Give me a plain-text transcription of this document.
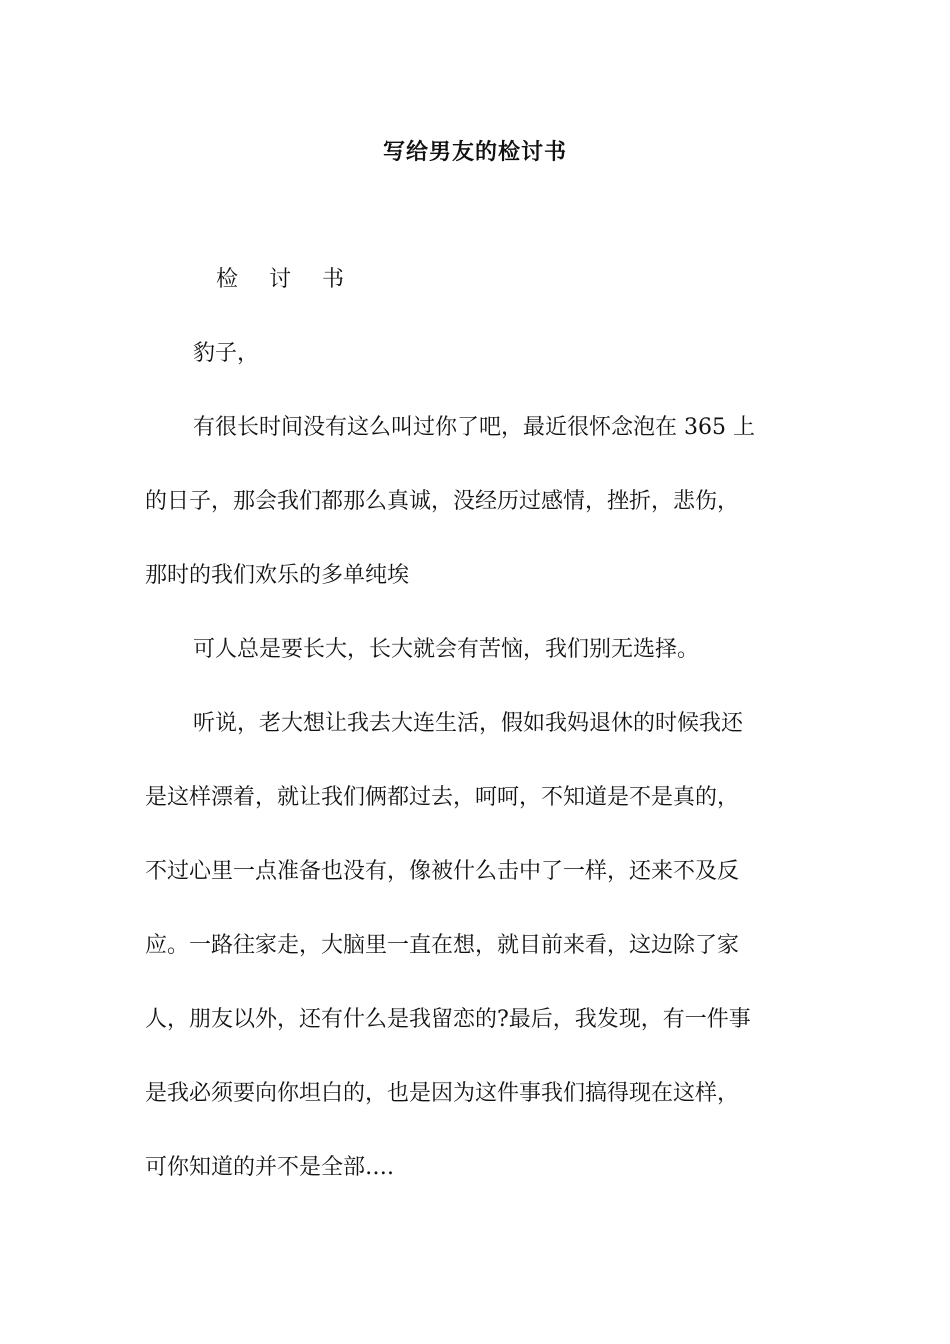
写给男友的检讨书
检 讨 书
豹子，
有很长时间没有这么叫过你了吧，最近很怀念泡在 365 上
的日子，那会我们都那么真诚，没经历过感情，挫折，悲伤，
那时的我们欢乐的多单纯埃
可人总是要长大，长大就会有苦恼，我们别无选择。
听说，老大想让我去大连生活，假如我妈退休的时候我还
是这样漂着，就让我们俩都过去，呵呵，不知道是不是真的，
不过心里一点准备也没有，像被什么击中了一样，还来不及反
应。一路往家走，大脑里一直在想，就目前来看，这边除了家
人，朋友以外，还有什么是我留恋的?最后，我发现，有一件事
是我必须要向你坦白的，也是因为这件事我们搞得现在这样，
可你知道的并不是全部….
